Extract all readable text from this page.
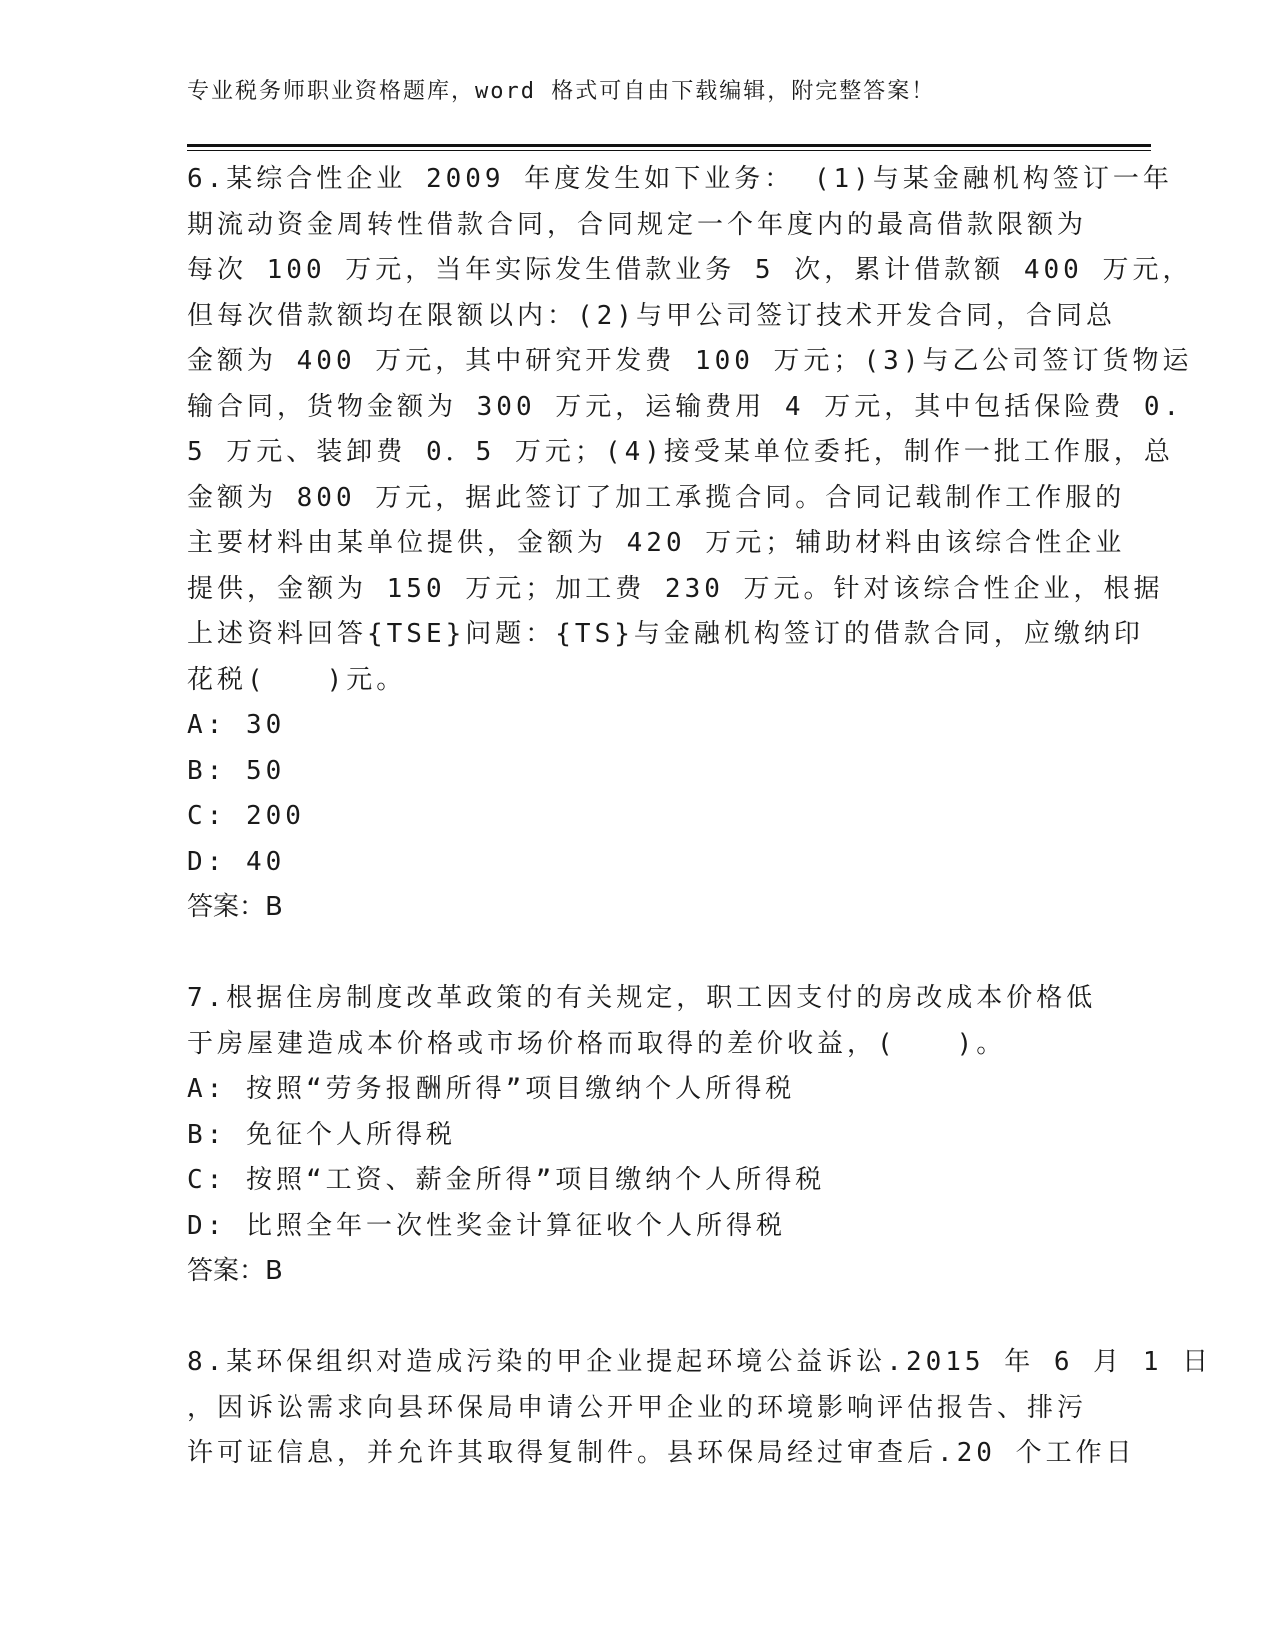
专业税务师职业资格题库，word 格式可自由下载编辑，附完整答案！
6.某综合性企业 2009 年度发生如下业务： (1)与某金融机构签订一年
期流动资金周转性借款合同，合同规定一个年度内的最高借款限额为
每次 100 万元，当年实际发生借款业务 5 次，累计借款额 400 万元，
但每次借款额均在限额以内：(2)与甲公司签订技术开发合同，合同总
金额为 400 万元，其中研究开发费 100 万元；(3)与乙公司签订货物运
输合同，货物金额为 300 万元，运输费用 4 万元，其中包括保险费 0.
5 万元、装卸费 0．5 万元；(4)接受某单位委托，制作一批工作服，总
金额为 800 万元，据此签订了加工承揽合同。合同记载制作工作服的
主要材料由某单位提供，金额为 420 万元；辅助材料由该综合性企业
提供，金额为 150 万元；加工费 230 万元。针对该综合性企业，根据
上述资料回答{TSE}问题：{TS}与金融机构签订的借款合同，应缴纳印
花税(　　)元。
A: 30
B: 50
C: 200
D: 40
答案：B
7.根据住房制度改革政策的有关规定，职工因支付的房改成本价格低
于房屋建造成本价格或市场价格而取得的差价收益，(　　)。
A: 按照“劳务报酬所得”项目缴纳个人所得税
B: 免征个人所得税
C: 按照“工资、薪金所得”项目缴纳个人所得税
D: 比照全年一次性奖金计算征收个人所得税
答案：B
8.某环保组织对造成污染的甲企业提起环境公益诉讼.2015 年 6 月 1 日
，因诉讼需求向县环保局申请公开甲企业的环境影响评估报告、排污
许可证信息，并允许其取得复制件。县环保局经过审查后.20 个工作日
